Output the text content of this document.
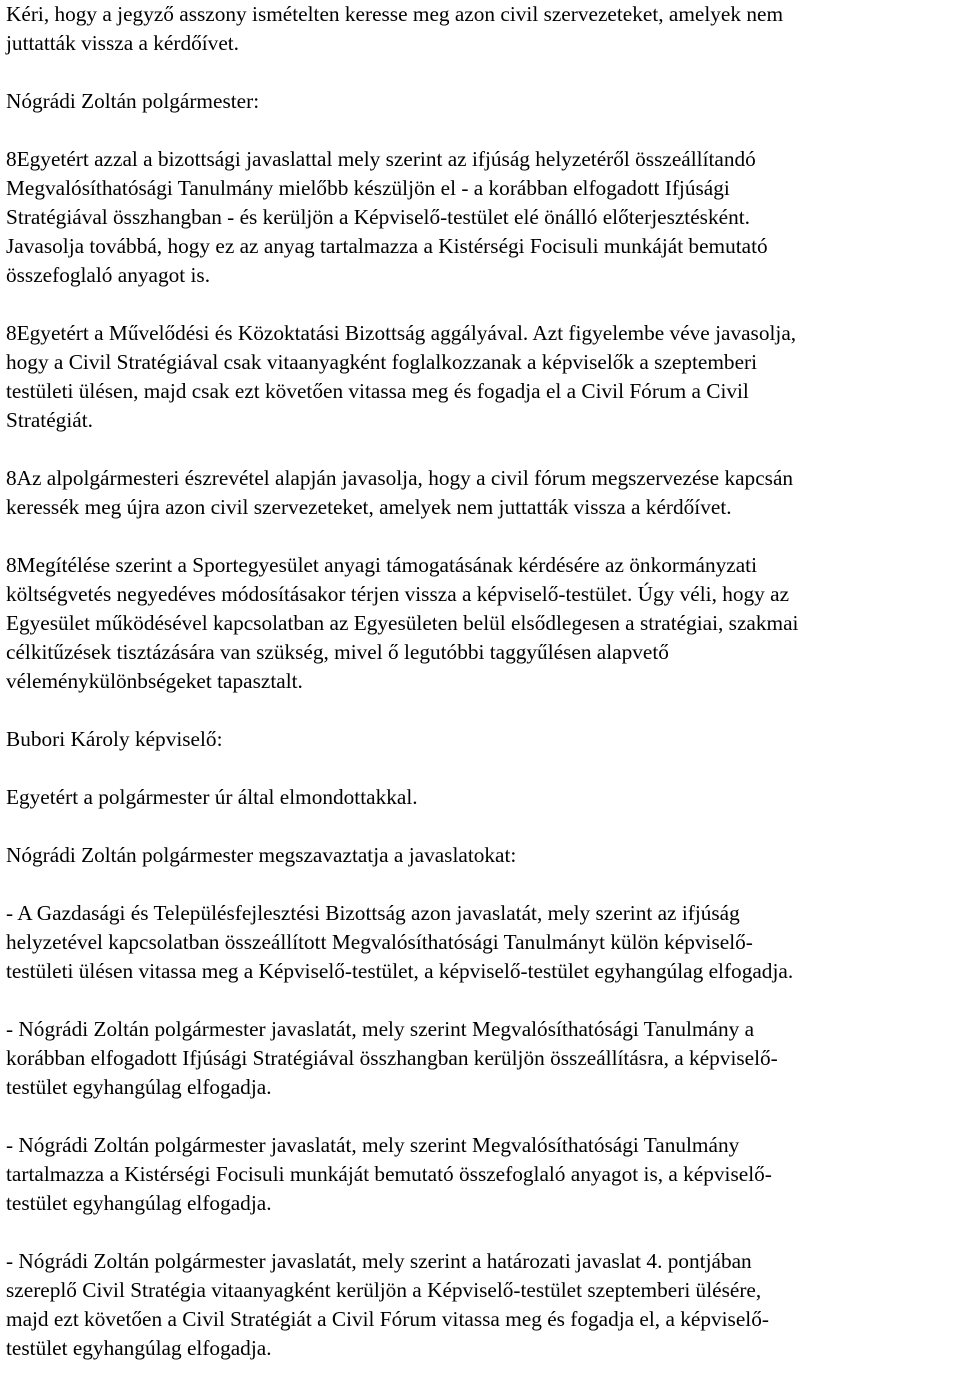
Kéri, hogy a jegyző asszony ismételten keresse meg azon civil szervezeteket, amelyek nem
juttatták vissza a kérdőívet.
Nógrádi Zoltán polgármester:
8Egyetért azzal a bizottsági javaslattal mely szerint az ifjúság helyzetéről összeállítandó
Megvalósíthatósági Tanulmány mielőbb készüljön el - a korábban elfogadott Ifjúsági
Stratégiával összhangban - és kerüljön a Képviselő-testület elé önálló előterjesztésként.
Javasolja továbbá, hogy ez az anyag tartalmazza a Kistérségi Focisuli munkáját bemutató
összefoglaló anyagot is.
8Egyetért a Művelődési és Közoktatási Bizottság aggályával. Azt figyelembe véve javasolja,
hogy a Civil Stratégiával csak vitaanyagként foglalkozzanak a képviselők a szeptemberi
testületi ülésen, majd csak ezt követően vitassa meg és fogadja el a Civil Fórum a Civil
Stratégiát.
8Az alpolgármesteri észrevétel alapján javasolja, hogy a civil fórum megszervezése kapcsán
keressék meg újra azon civil szervezeteket, amelyek nem juttatták vissza a kérdőívet.
8Megítélése szerint a Sportegyesület anyagi támogatásának kérdésére az önkormányzati
költségvetés negyedéves módosításakor térjen vissza a képviselő-testület. Úgy véli, hogy az
Egyesület működésével kapcsolatban az Egyesületen belül elsődlegesen a stratégiai, szakmai
célkitűzések tisztázására van szükség, mivel ő legutóbbi taggyűlésen alapvető
véleménykülönbségeket tapasztalt.
Bubori Károly képviselő:
Egyetért a polgármester úr által elmondottakkal.
Nógrádi Zoltán polgármester megszavaztatja a javaslatokat:
- A Gazdasági és Településfejlesztési Bizottság azon javaslatát, mely szerint az ifjúság
helyzetével kapcsolatban összeállított Megvalósíthatósági Tanulmányt külön képviselő-
testületi ülésen vitassa meg a Képviselő-testület, a képviselő-testület egyhangúlag elfogadja.
- Nógrádi Zoltán polgármester javaslatát, mely szerint Megvalósíthatósági Tanulmány a
korábban elfogadott Ifjúsági Stratégiával összhangban kerüljön összeállításra, a képviselő-
testület egyhangúlag elfogadja.
- Nógrádi Zoltán polgármester javaslatát, mely szerint Megvalósíthatósági Tanulmány
tartalmazza a Kistérségi Focisuli munkáját bemutató összefoglaló anyagot is, a képviselő-
testület egyhangúlag elfogadja.
- Nógrádi Zoltán polgármester javaslatát, mely szerint a határozati javaslat 4. pontjában
szereplő Civil Stratégia vitaanyagként kerüljön a Képviselő-testület szeptemberi ülésére,
majd ezt követően a Civil Stratégiát a Civil Fórum vitassa meg és fogadja el, a képviselő-
testület egyhangúlag elfogadja.
